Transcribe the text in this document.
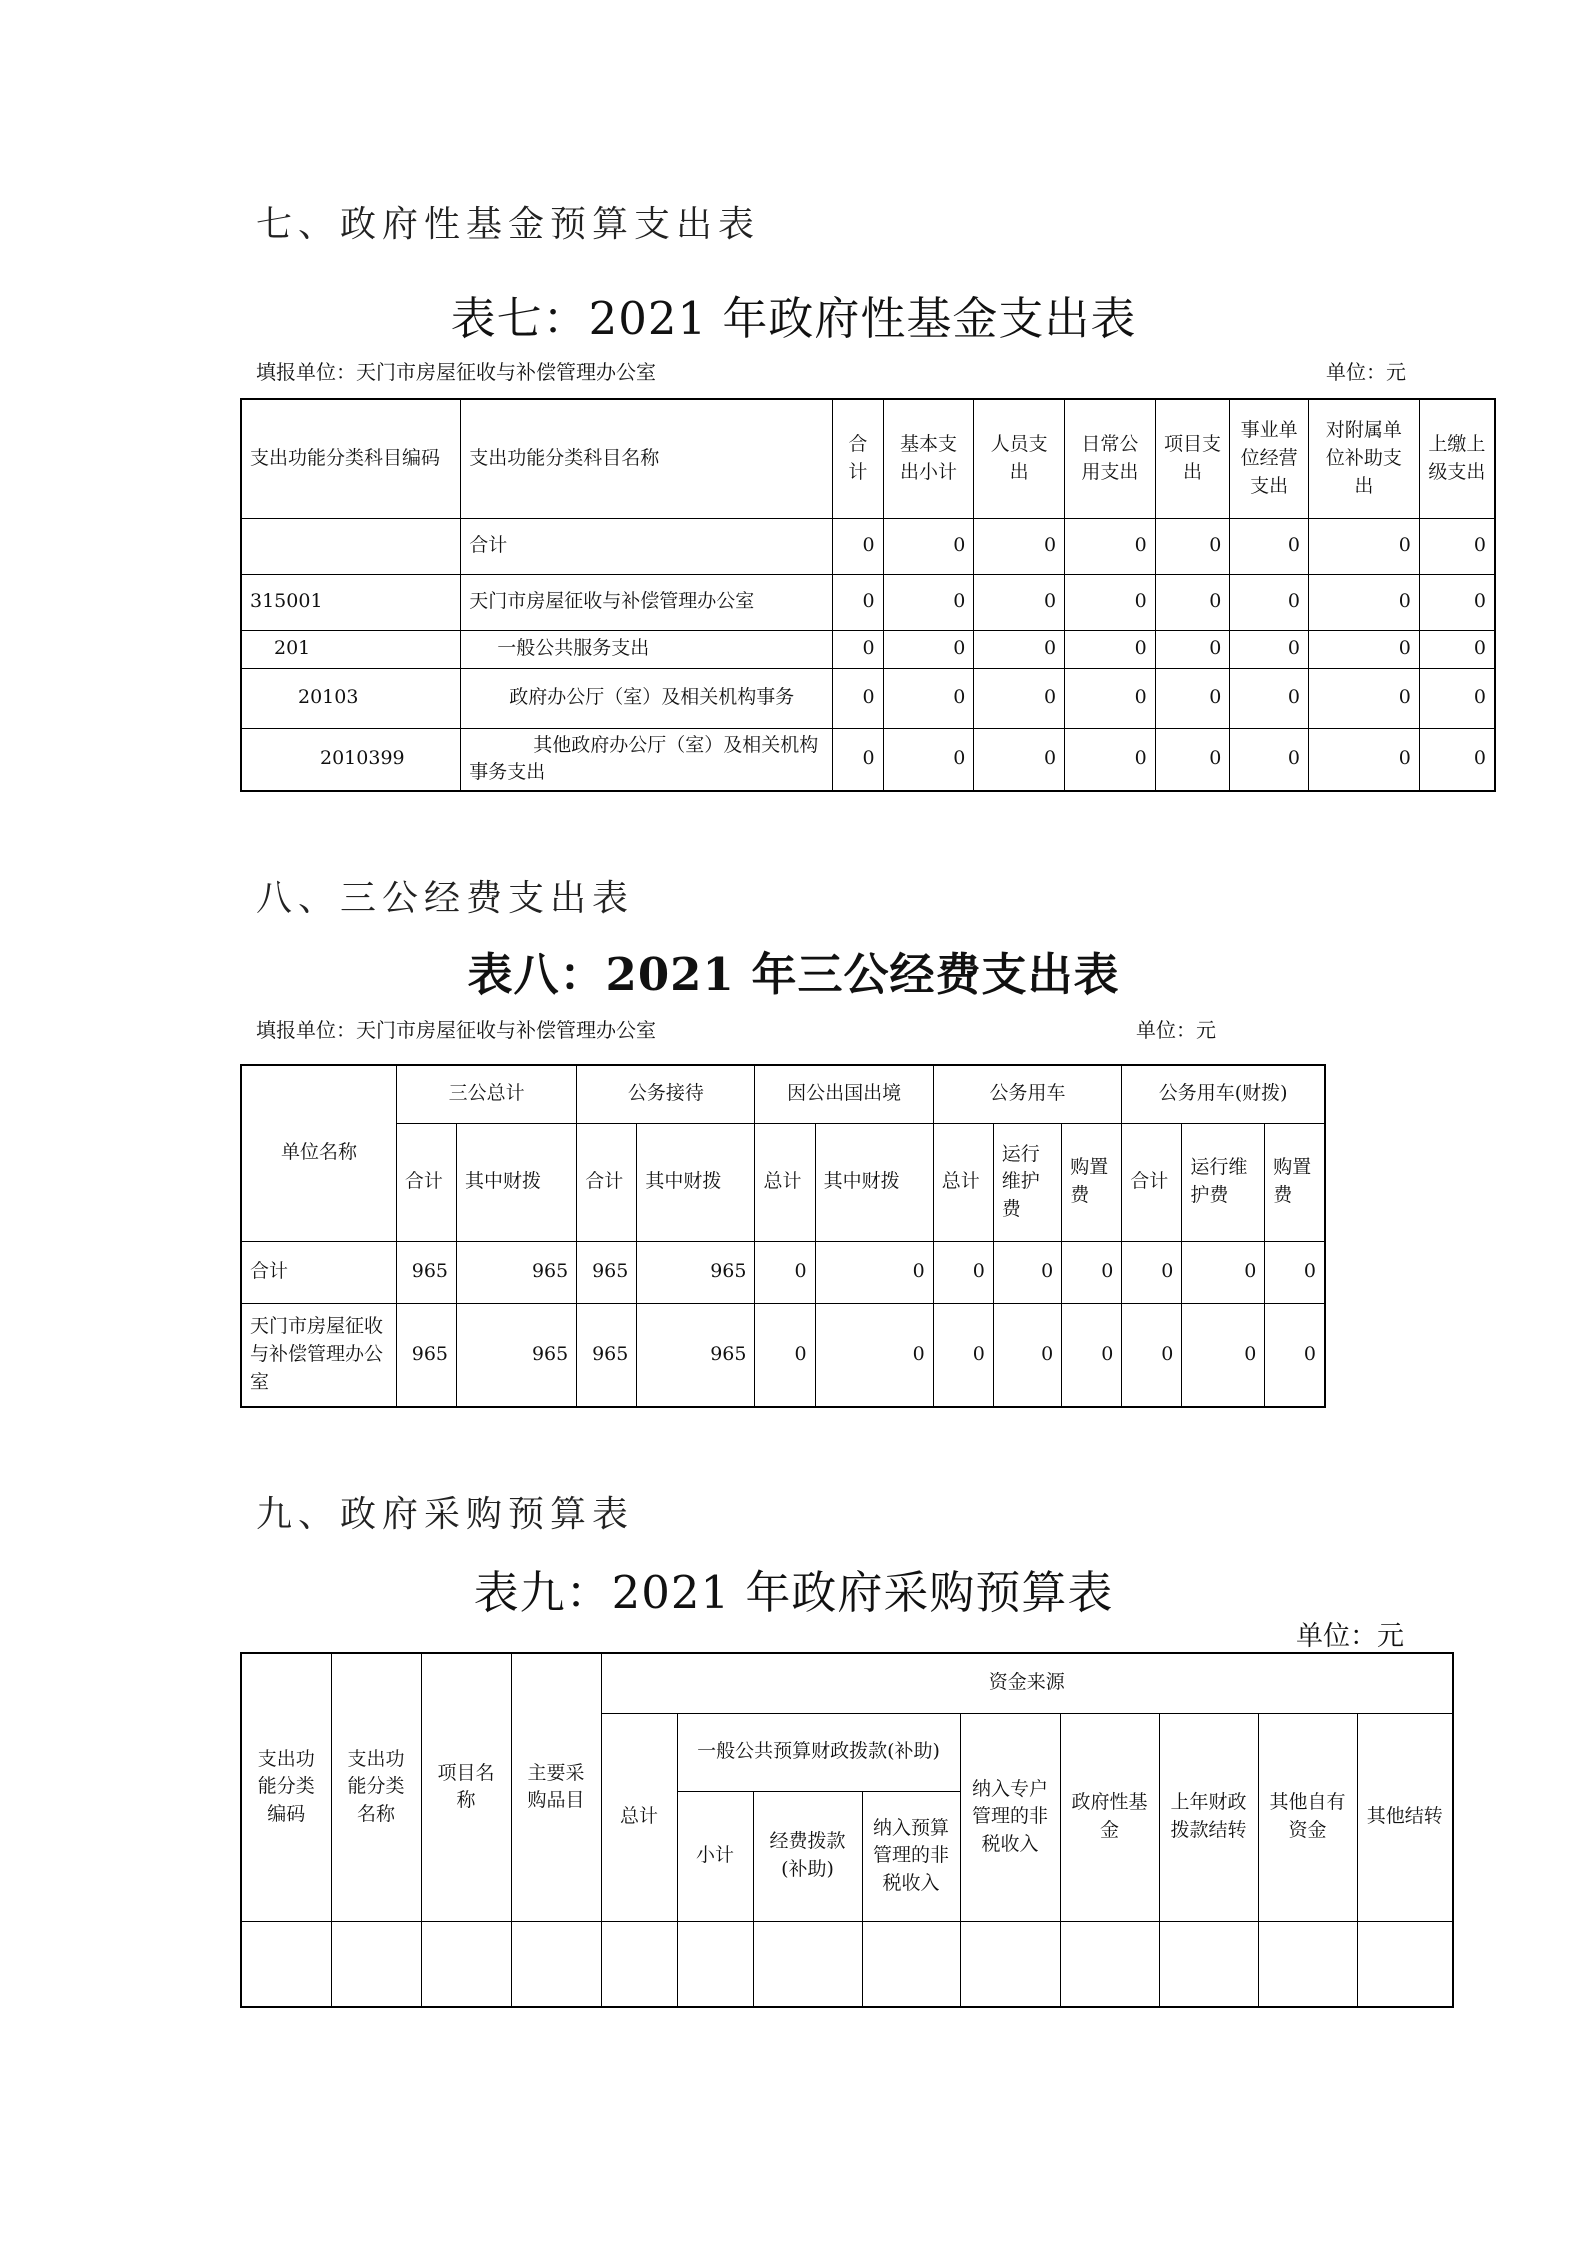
七、政府性基金预算支出表
表七：2021 年政府性基金支出表
填报单位：天门市房屋征收与补偿管理办公室	单位：元
支出功能分类科目编码	支出功能分类科目名称	合计	基本支出小计	人员支出	日常公用支出	项目支出	事业单位经营支出	对附属单位补助支出	上缴上级支出
	合计	0	0	0	0	0	0	0	0
315001	天门市房屋征收与补偿管理办公室	0	0	0	0	0	0	0	0
201	一般公共服务支出	0	0	0	0	0	0	0	0
20103	政府办公厅（室）及相关机构事务	0	0	0	0	0	0	0	0
2010399	其他政府办公厅（室）及相关机构事务支出	0	0	0	0	0	0	0	0
八、三公经费支出表
表八：2021 年三公经费支出表
填报单位：天门市房屋征收与补偿管理办公室	单位：元
单位名称	三公总计		公务接待		因公出国出境		公务用车			公务用车(财拨)		
	合计	其中财拨	合计	其中财拨	总计	其中财拨	总计	运行维护费	购置费	合计	运行维护费	购置费
合计	965	965	965	965	0	0	0	0	0	0	0	0
天门市房屋征收与补偿管理办公室	965	965	965	965	0	0	0	0	0	0	0	0
九、政府采购预算表
表九：2021 年政府采购预算表
单位：元
支出功能分类编码	支出功能分类名称	项目名称	主要采购品目	资金来源								
				总计	一般公共预算财政拨款(补助)			纳入专户管理的非税收入	政府性基金	上年财政拨款结转	其他自有资金	其他结转
					小计	经费拨款(补助)	纳入预算管理的非税收入					
